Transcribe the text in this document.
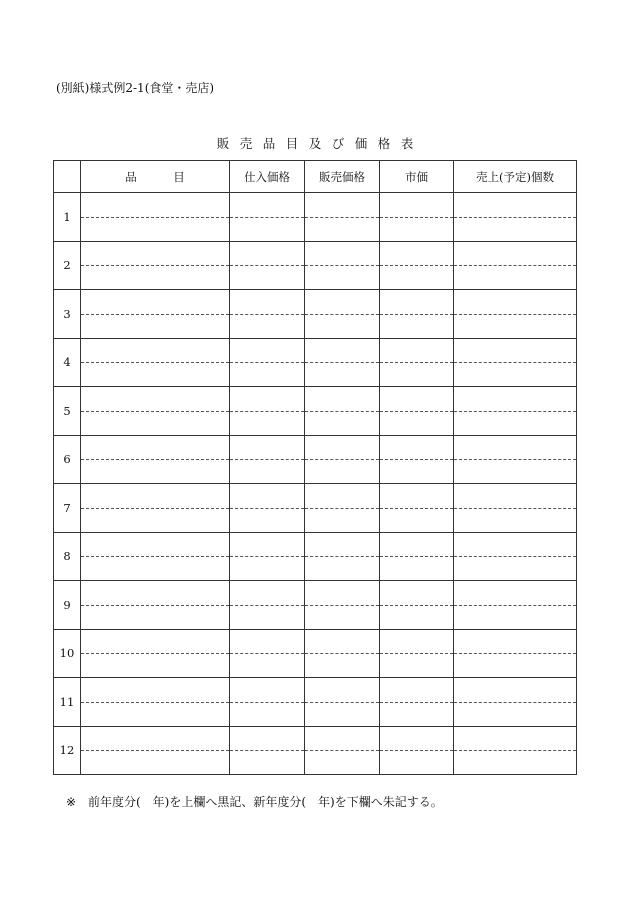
(別紙)様式例2-1(食堂・売店)
販 売 品 目 及 び 価 格 表
	品 目	仕入価格	販売価格	市価	売上(予定)個数
1	

2	

3	

4	

5	

6	

7	

8	

9	

10	

11	

12	

※ 前年度分(　年)を上欄へ黒記、新年度分(　年)を下欄へ朱記する。
